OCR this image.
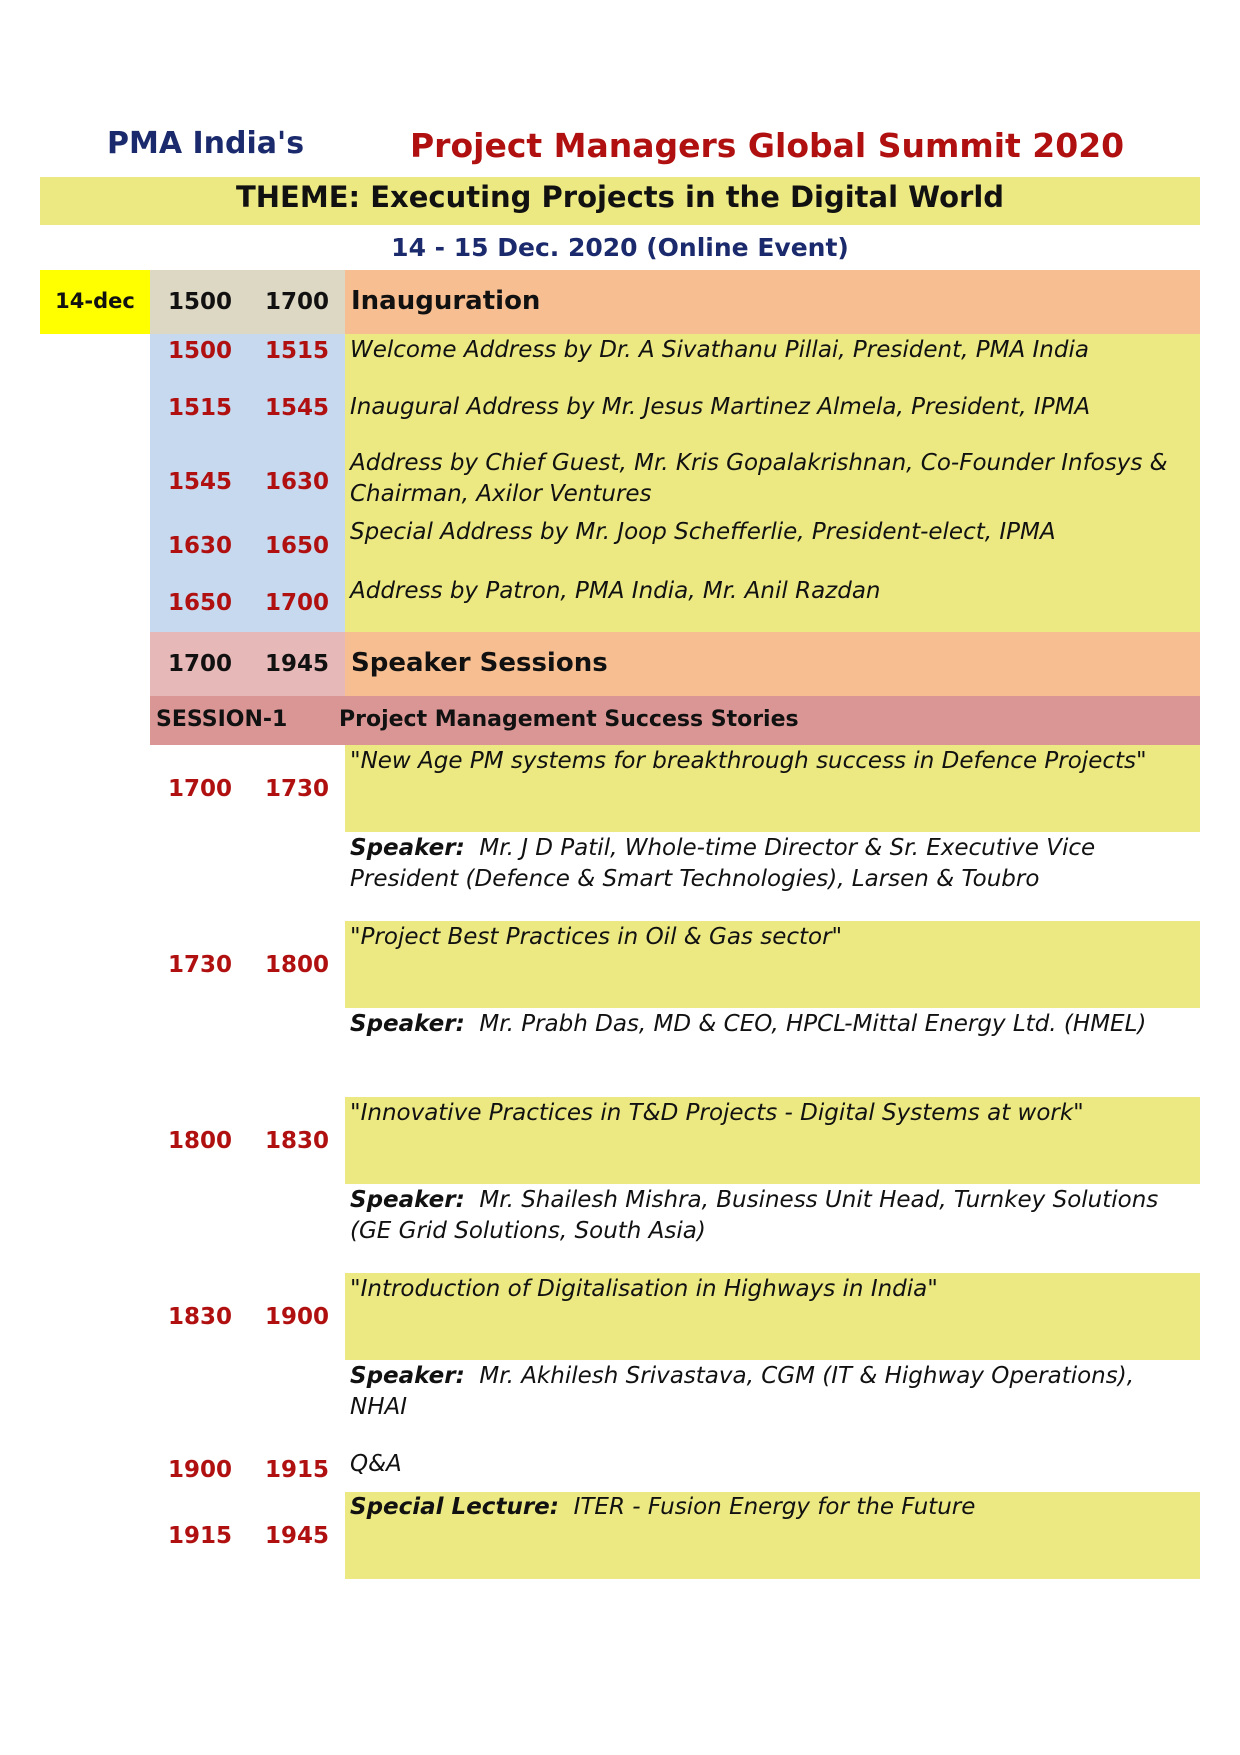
PMA India's	Project Managers Global Summit 2020
THEME: Executing Projects in the Digital World
14 - 15 Dec. 2020 (Online Event)
14-dec	1500 1700 Inauguration
1500 1515 Welcome Address by Dr. A Sivathanu Pillai, President, PMA India
1515 1545 Inaugural Address by Mr. Jesus Martinez Almela, President, IPMA
1545 1630
Address by Chief Guest, Mr. Kris Gopalakrishnan, Co-Founder Infosys & Chairman, Axilor Ventures
1630 1650
Special Address by Mr. Joop Schefferlie, President-elect, IPMA
1650 1700 Address by Patron, PMA India, Mr. Anil Razdan
1700 1945 Speaker Sessions
SESSION-1 Project Management Success Stories
1700 1730
"New Age PM systems for breakthrough success in Defence Projects"
Speaker: Mr. J D Patil, Whole-time Director & Sr. Executive Vice President (Defence & Smart Technologies), Larsen & Toubro
1730 1800
"Project Best Practices in Oil & Gas sector"
Speaker: Mr. Prabh Das, MD & CEO, HPCL-Mittal Energy Ltd. (HMEL)
1800 1830
"Innovative Practices in T&D Projects - Digital Systems at work"
Speaker: Mr. Shailesh Mishra, Business Unit Head, Turnkey Solutions (GE Grid Solutions, South Asia)
1830 1900
"Introduction of Digitalisation in Highways in India"
Speaker: Mr. Akhilesh Srivastava, CGM (IT & Highway Operations), NHAI
1900 1915 Q&A
1915 1945
Special Lecture: ITER - Fusion Energy for the Future
